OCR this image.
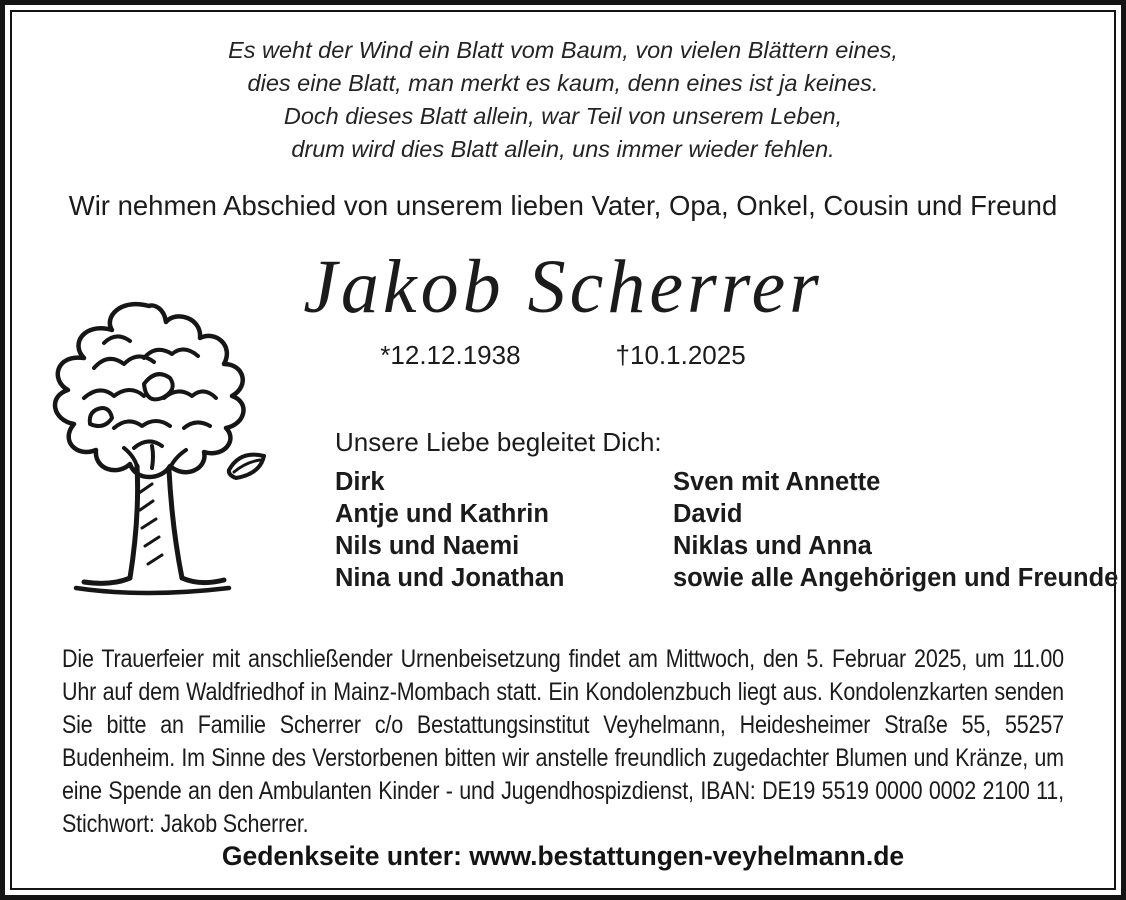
Es weht der Wind ein Blatt vom Baum, von vielen Blättern eines,
dies eine Blatt, man merkt es kaum, denn eines ist ja keines.
Doch dieses Blatt allein, war Teil von unserem Leben,
drum wird dies Blatt allein, uns immer wieder fehlen.
Wir nehmen Abschied von unserem lieben Vater, Opa, Onkel, Cousin und Freund
Jakob Scherrer
*12.12.1938	†10.1.2025

Unsere Liebe begleitet Dich:

Dirk	Sven mit Annette
Antje und Kathrin	David
Nils und Naemi	Niklas und Anna
Nina und Jonathan	sowie alle Angehörigen und Freunde
Die Trauerfeier mit anschließender Urnenbeisetzung findet am Mittwoch, den 5. Februar 2025, um 11.00 Uhr auf dem Waldfriedhof in Mainz-Mombach statt. Ein Kondolenzbuch liegt aus. Kondolenzkarten senden Sie bitte an Familie Scherrer c/o Bestattungsinstitut Veyhelmann, Heidesheimer Straße 55, 55257 Budenheim. Im Sinne des Verstorbenen bitten wir anstelle freundlich zugedachter Blumen und Kränze, um eine Spende an den Ambulanten Kinder - und Jugendhospizdienst, IBAN: DE19 5519 0000 0002 2100 11, Stichwort: Jakob Scherrer.
Gedenkseite unter: www.bestattungen-veyhelmann.de
